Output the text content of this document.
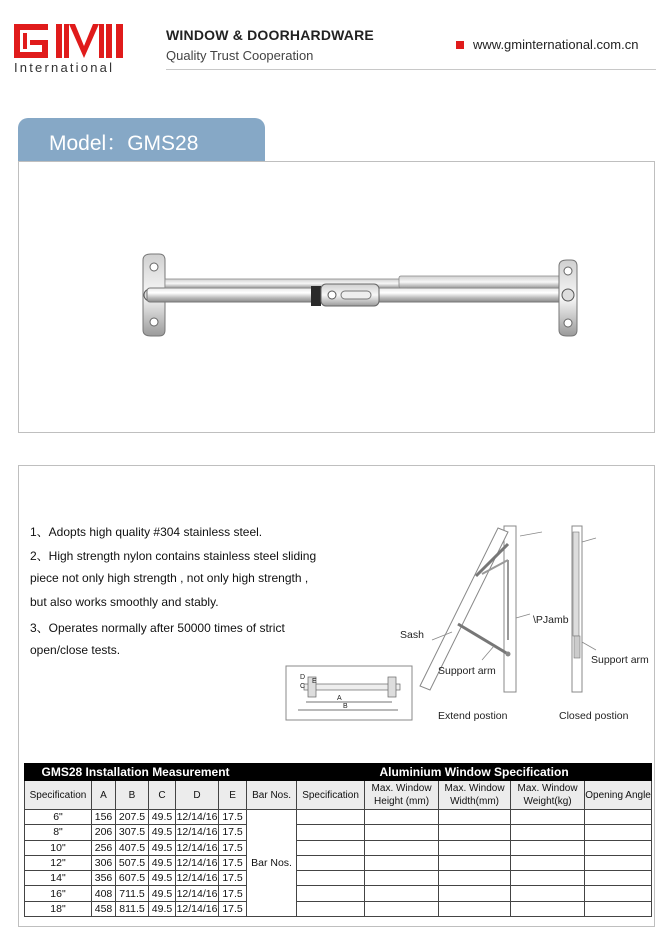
International
WINDOW & DOORHARDWARE
Quality Trust Cooperation
www.gminternational.com.cn
Model：GMS28
1、Adopts high quality #304 stainless steel.
2、High strength nylon contains stainless steel sliding
piece not only high strength , not only high strength ,
but also works smoothly and stably.
3、Operates normally after 50000 times of strict
open/close tests.
C
D
E
A
B
Sash
\PJamb
Support arm
Support arm
Extend postion	Closed postion
GMS28 Installation Measurement							Aluminium Window Specification				
Specification	A	B	C	D	E	Bar Nos.	Specification	Max. Window Height (mm)	Max. Window Width(mm)	Max. Window Weight(kg)	Opening Angle
6"	156	207.5	49.5	12/14/16	17.5	Bar Nos.					
8"	206	307.5	49.5	12/14/16	17.5						
10"	256	407.5	49.5	12/14/16	17.5						
12"	306	507.5	49.5	12/14/16	17.5						
14"	356	607.5	49.5	12/14/16	17.5						
16"	408	711.5	49.5	12/14/16	17.5						
18"	458	811.5	49.5	12/14/16	17.5						
